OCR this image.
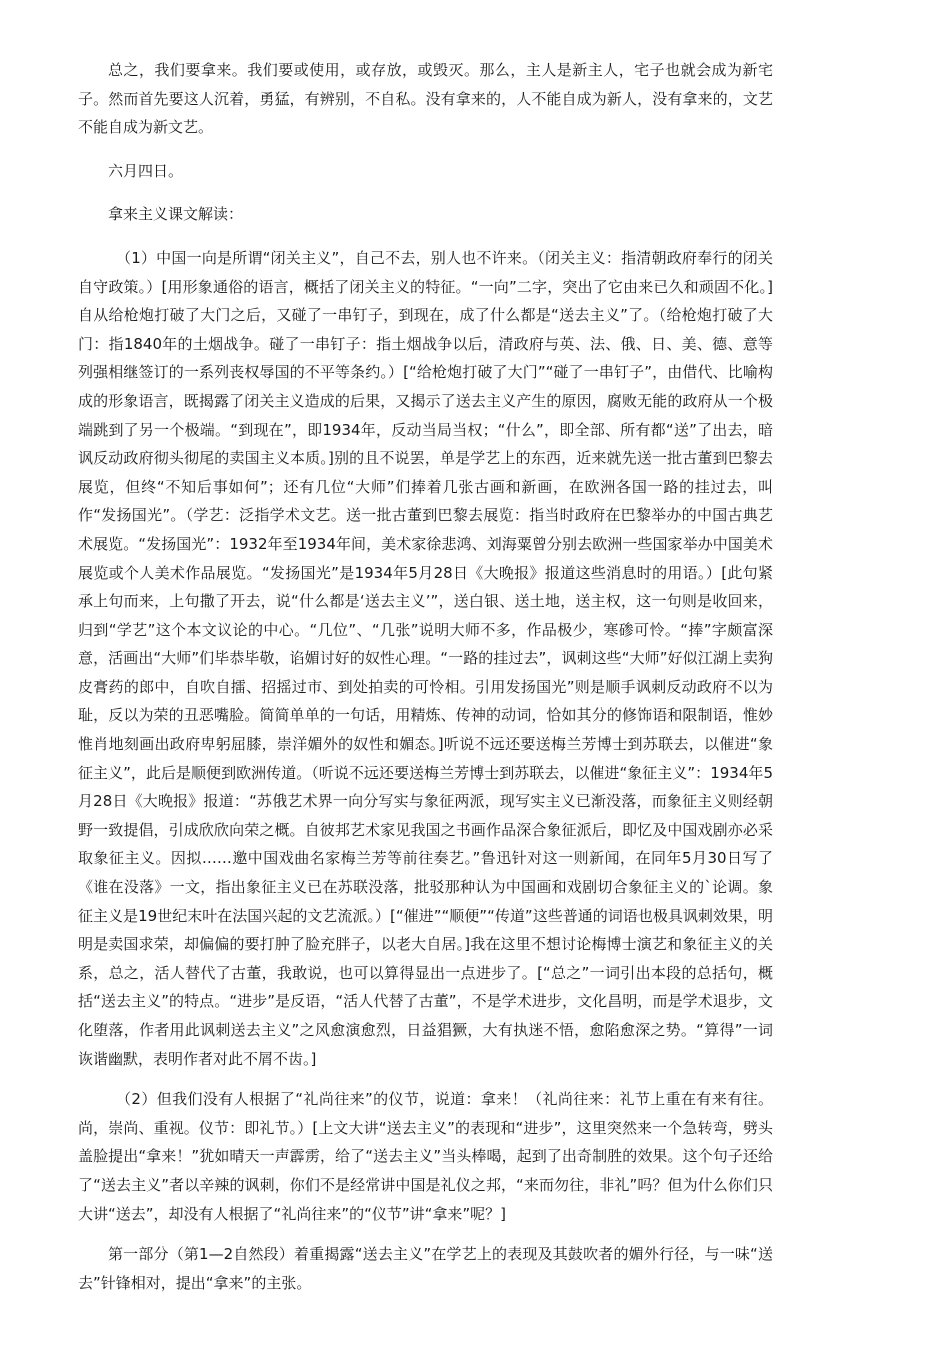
总之，我们要拿来。我们要或使用，或存放，或毁灭。那么，主人是新主人，宅子也就会成为新宅子。然而首先要这人沉着，勇猛，有辨别，不自私。没有拿来的，人不能自成为新人，没有拿来的，文艺不能自成为新文艺。

六月四日。

拿来主义课文解读：

（1）中国一向是所谓“闭关主义”，自己不去，别人也不许来。（闭关主义：指清朝政府奉行的闭关自守政策。）[用形象通俗的语言，概括了闭关主义的特征。“一向”二字，突出了它由来已久和顽固不化。]自从给枪炮打破了大门之后，又碰了一串钉子，到现在，成了什么都是“送去主义”了。（给枪炮打破了大门：指1840年的土烟战争。碰了一串钉子：指土烟战争以后，清政府与英、法、俄、日、美、德、意等列强相继签订的一系列丧权辱国的不平等条约。）[“给枪炮打破了大门”“碰了一串钉子”，由借代、比喻构成的形象语言，既揭露了闭关主义造成的后果，又揭示了送去主义产生的原因，腐败无能的政府从一个极端跳到了另一个极端。“到现在”，即1934年，反动当局当权；“什么”，即全部、所有都“送”了出去，暗讽反动政府彻头彻尾的卖国主义本质。]别的且不说罢，单是学艺上的东西，近来就先送一批古董到巴黎去展览，但终“不知后事如何”；还有几位“大师”们捧着几张古画和新画，在欧洲各国一路的挂过去，叫作“发扬国光”。（学艺：泛指学术文艺。送一批古董到巴黎去展览：指当时政府在巴黎举办的中国古典艺术展览。“发扬国光”：1932年至1934年间，美术家徐悲鸿、刘海粟曾分别去欧洲一些国家举办中国美术展览或个人美术作品展览。“发扬国光”是1934年5月28日《大晚报》报道这些消息时的用语。）[此句紧承上句而来，上句撒了开去，说“什么都是‘送去主义’”，送白银、送土地，送主权，这一句则是收回来，归到“学艺”这个本文议论的中心。“几位”、“几张”说明大师不多，作品极少，寒碜可怜。“捧”字颇富深意，活画出“大师”们毕恭毕敬，谄媚讨好的奴性心理。“一路的挂过去”，讽刺这些“大师”好似江湖上卖狗皮膏药的郎中，自吹自擂、招摇过市、到处拍卖的可怜相。引用发扬国光”则是顺手讽刺反动政府不以为耻，反以为荣的丑恶嘴脸。简简单单的一句话，用精炼、传神的动词，恰如其分的修饰语和限制语，惟妙惟肖地刻画出政府卑躬屈膝，崇洋媚外的奴性和媚态。]听说不远还要送梅兰芳博士到苏联去，以催进“象征主义”，此后是顺便到欧洲传道。（听说不远还要送梅兰芳博士到苏联去，以催进“象征主义”：1934年5月28日《大晚报》报道：“苏俄艺术界一向分写实与象征两派，现写实主义已渐没落，而象征主义则经朝野一致提倡，引成欣欣向荣之概。自彼邦艺术家见我国之书画作品深合象征派后，即忆及中国戏剧亦必采取象征主义。因拟……邀中国戏曲名家梅兰芳等前往奏艺。”鲁迅针对这一则新闻，在同年5月30日写了《谁在没落》一文，指出象征主义已在苏联没落，批驳那种认为中国画和戏剧切合象征主义的`论调。象征主义是19世纪末叶在法国兴起的文艺流派。）[“催进”“顺便”“传道”这些普通的词语也极具讽刺效果，明明是卖国求荣，却偏偏的要打肿了脸充胖子，以老大自居。]我在这里不想讨论梅博士演艺和象征主义的关系，总之，活人替代了古董，我敢说，也可以算得显出一点进步了。[“总之”一词引出本段的总括句，概括“送去主义”的特点。“进步”是反语，“活人代替了古董”，不是学术进步，文化昌明，而是学术退步，文化堕落，作者用此讽刺送去主义”之风愈演愈烈，日益猖獗，大有执迷不悟，愈陷愈深之势。“算得”一词诙谐幽默，表明作者对此不屑不齿。]

（2）但我们没有人根据了“礼尚往来”的仪节，说道：拿来！（礼尚往来：礼节上重在有来有往。尚，崇尚、重视。仪节：即礼节。）[上文大讲“送去主义”的表现和“进步”，这里突然来一个急转弯，劈头盖脸提出“拿来！”犹如晴天一声霹雳，给了“送去主义”当头棒喝，起到了出奇制胜的效果。这个句子还给了“送去主义”者以辛辣的讽刺，你们不是经常讲中国是礼仪之邦，“来而勿往，非礼”吗？但为什么你们只大讲“送去”，却没有人根据了“礼尚往来”的“仪节”讲“拿来”呢？]

第一部分（第1—2自然段）着重揭露“送去主义”在学艺上的表现及其鼓吹者的媚外行径，与一味“送去”针锋相对，提出“拿来”的主张。
